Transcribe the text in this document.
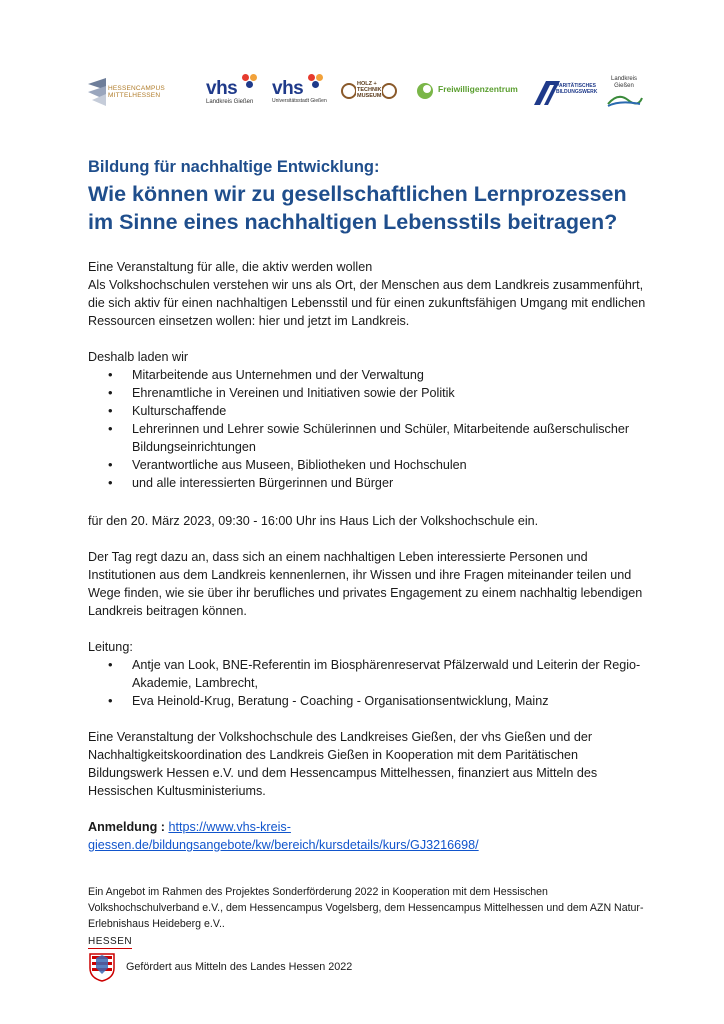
HESSENCAMPUS MITTELHESSEN	vhs
Landkreis Gießen
vhs
Universitätsstadt Gießen
HOLZ + TECHNIK MUSEUM
Freiwilligenzentrum	PARITÄTISCHES BILDUNGSWERK
Landkreis Gießen
Bildung für nachhaltige Entwicklung:
Wie können wir zu gesellschaftlichen Lernprozessen im Sinne eines nachhaltigen Lebensstils beitragen?
Eine Veranstaltung für alle, die aktiv werden wollen
Als Volkshochschulen verstehen wir uns als Ort, der Menschen aus dem Landkreis zusammenführt, die sich aktiv für einen nachhaltigen Lebensstil und für einen zukunftsfähigen Umgang mit endlichen Ressourcen einsetzen wollen: hier und jetzt im Landkreis.
Deshalb laden wir
• Mitarbeitende aus Unternehmen und der Verwaltung
• Ehrenamtliche in Vereinen und Initiativen sowie der Politik
• Kulturschaffende
• Lehrerinnen und Lehrer sowie Schülerinnen und Schüler, Mitarbeitende außerschulischer Bildungseinrichtungen
• Verantwortliche aus Museen, Bibliotheken und Hochschulen
• und alle interessierten Bürgerinnen und Bürger
für den 20. März 2023, 09:30 - 16:00 Uhr ins Haus Lich der Volkshochschule ein.
Der Tag regt dazu an, dass sich an einem nachhaltigen Leben interessierte Personen und Institutionen aus dem Landkreis kennenlernen, ihr Wissen und ihre Fragen miteinander teilen und Wege finden, wie sie über ihr berufliches und privates Engagement zu einem nachhaltig lebendigen Landkreis beitragen können.
Leitung:
• Antje van Look, BNE-Referentin im Biosphärenreservat Pfälzerwald und Leiterin der Regio-Akademie, Lambrecht,
• Eva Heinold-Krug, Beratung - Coaching - Organisationsentwicklung, Mainz
Eine Veranstaltung der Volkshochschule des Landkreises Gießen, der vhs Gießen und der Nachhaltigkeitskoordination des Landkreis Gießen in Kooperation mit dem Paritätischen Bildungswerk Hessen e.V. und dem Hessencampus Mittelhessen, finanziert aus Mitteln des Hessischen Kultusministeriums.
Anmeldung : https://www.vhs-kreis-
giessen.de/bildungsangebote/kw/bereich/kursdetails/kurs/GJ3216698/
Ein Angebot im Rahmen des Projektes Sonderförderung 2022 in Kooperation mit dem Hessischen Volkshochschulverband e.V., dem Hessencampus Vogelsberg, dem Hessencampus Mittelhessen und dem AZN Natur-Erlebnishaus Heideberg e.V..
HESSEN
Gefördert aus Mitteln des Landes Hessen 2022
